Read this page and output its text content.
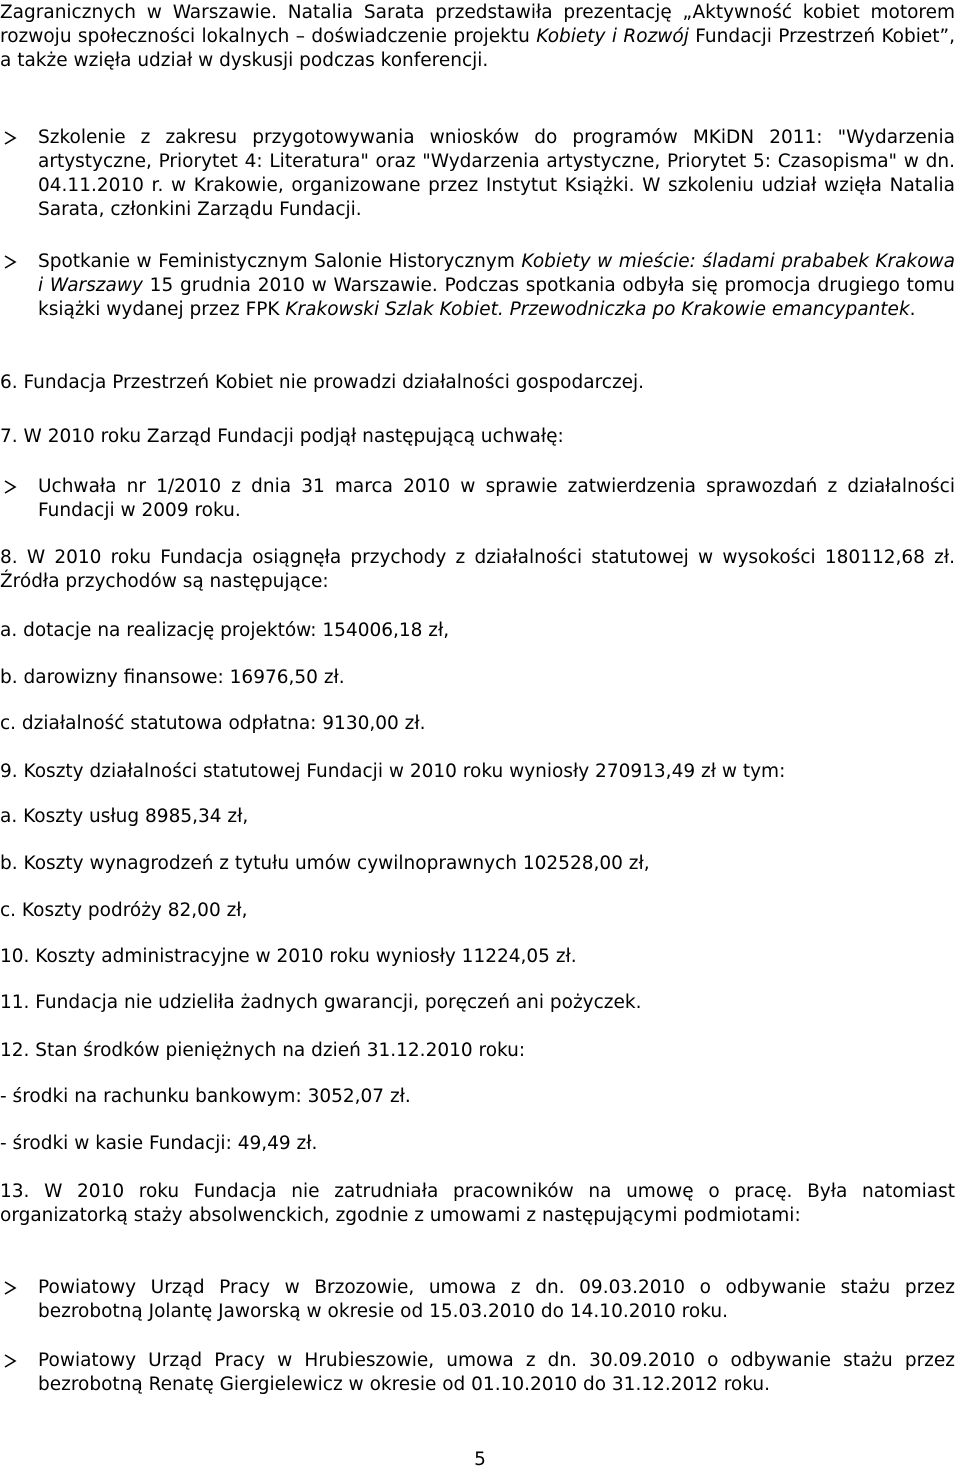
Zagranicznych w Warszawie. Natalia Sarata przedstawiła prezentację „Aktywność kobiet motorem rozwoju społeczności lokalnych – doświadczenie projektu Kobiety i Rozwój Fundacji Przestrzeń Kobiet”, a także wzięła udział w dyskusji podczas konferencji.

Szkolenie z zakresu przygotowywania wniosków do programów MKiDN 2011: "Wydarzenia artystyczne, Priorytet 4: Literatura" oraz "Wydarzenia artystyczne, Priorytet 5: Czasopisma" w dn. 04.11.2010 r. w Krakowie, organizowane przez Instytut Książki. W szkoleniu udział wzięła Natalia Sarata, członkini Zarządu Fundacji.
Spotkanie w Feministycznym Salonie Historycznym Kobiety w mieście: śladami prababek Krakowa i Warszawy 15 grudnia 2010 w Warszawie. Podczas spotkania odbyła się promocja drugiego tomu książki wydanej przez FPK Krakowski Szlak Kobiet. Przewodniczka po Krakowie emancypantek.

6. Fundacja Przestrzeń Kobiet nie prowadzi działalności gospodarczej.

7. W 2010 roku Zarząd Fundacji podjął następującą uchwałę:

Uchwała nr 1/2010 z dnia 31 marca 2010 w sprawie zatwierdzenia sprawozdań z działalności Fundacji w 2009 roku.

8. W 2010 roku Fundacja osiągnęła przychody z działalności statutowej w wysokości 180112,68 zł. Źródła przychodów są następujące:

a. dotacje na realizację projektów: 154006,18 zł,

b. darowizny finansowe: 16976,50 zł.

c. działalność statutowa odpłatna: 9130,00 zł.

9. Koszty działalności statutowej Fundacji w 2010 roku wyniosły 270913,49 zł w tym:

a. Koszty usług 8985,34 zł,

b. Koszty wynagrodzeń z tytułu umów cywilnoprawnych 102528,00 zł,

c. Koszty podróży 82,00 zł,

10. Koszty administracyjne w 2010 roku wyniosły 11224,05 zł.

11. Fundacja nie udzieliła żadnych gwarancji, poręczeń ani pożyczek.

12. Stan środków pieniężnych na dzień 31.12.2010 roku:

- środki na rachunku bankowym: 3052,07 zł.

- środki w kasie Fundacji: 49,49 zł.

13. W 2010 roku Fundacja nie zatrudniała pracowników na umowę o pracę. Była natomiast organizatorką staży absolwenckich, zgodnie z umowami z następującymi podmiotami:

Powiatowy Urząd Pracy w Brzozowie, umowa z dn. 09.03.2010 o odbywanie stażu przez bezrobotną Jolantę Jaworską w okresie od 15.03.2010 do 14.10.2010 roku.
Powiatowy Urząd Pracy w Hrubieszowie, umowa z dn. 30.09.2010 o odbywanie stażu przez bezrobotną Renatę Giergielewicz w okresie od 01.10.2010 do 31.12.2012 roku.
5
